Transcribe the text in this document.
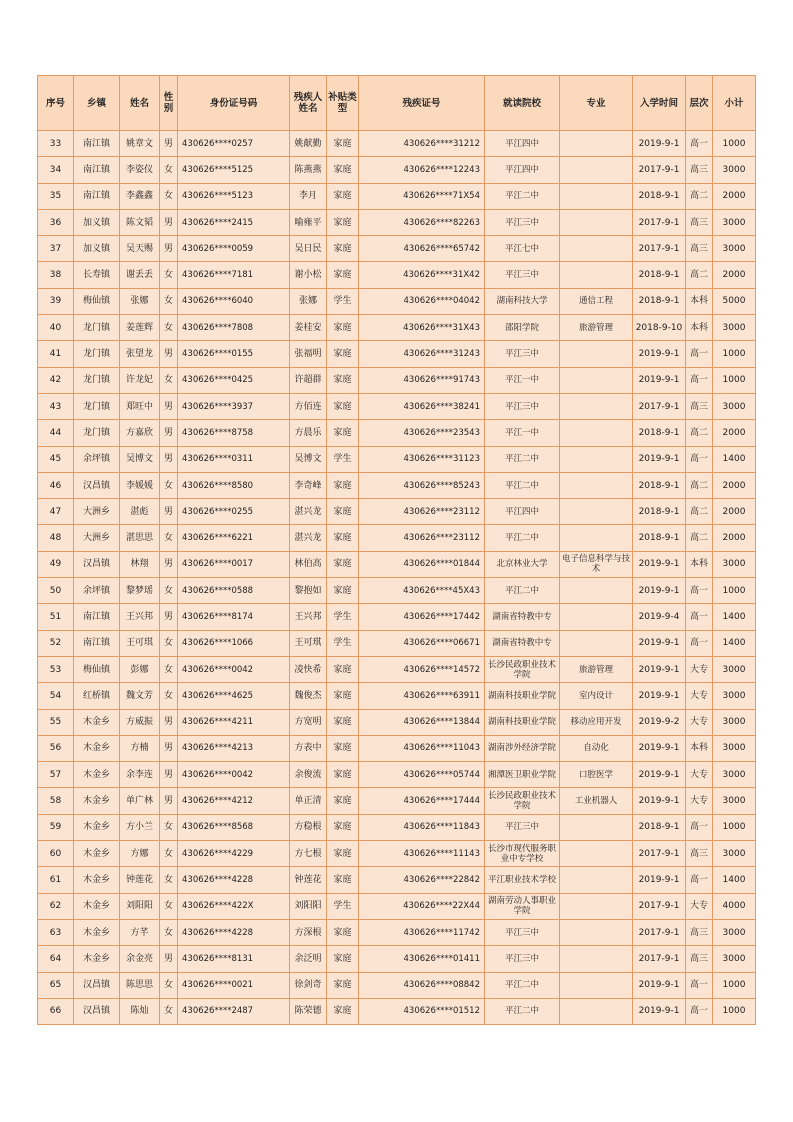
序号	乡镇	姓名	性别	身份证号码	残疾人姓名	补贴类型	残疾证号	就读院校	专业	入学时间	层次	小计
33	南江镇	姚章文	男	430626****0257	姚献勤	家庭	430626****31212	平江四中		2019-9-1	高一	1000
34	南江镇	李姿仪	女	430626****5125	陈燕燕	家庭	430626****12243	平江四中		2017-9-1	高三	3000
35	南江镇	李鑫鑫	女	430626****5123	李月	家庭	430626****71X54	平江二中		2018-9-1	高二	2000
36	加义镇	陈文韬	男	430626****2415	喻雍平	家庭	430626****82263	平江三中		2017-9-1	高三	3000
37	加义镇	吴天赐	男	430626****0059	吴日民	家庭	430626****65742	平江七中		2017-9-1	高三	3000
38	长寿镇	谢丢丢	女	430626****7181	谢小松	家庭	430626****31X42	平江三中		2018-9-1	高二	2000
39	梅仙镇	张娜	女	430626****6040	张娜	学生	430626****04042	湖南科技大学	通信工程	2018-9-1	本科	5000
40	龙门镇	姜莲辉	女	430626****7808	姜桂安	家庭	430626****31X43	邵阳学院	旅游管理	2018-9-10	本科	3000
41	龙门镇	张望龙	男	430626****0155	张福明	家庭	430626****31243	平江三中		2019-9-1	高一	1000
42	龙门镇	许龙妃	女	430626****0425	许超群	家庭	430626****91743	平江一中		2019-9-1	高一	1000
43	龙门镇	郑旺中	男	430626****3937	方佰连	家庭	430626****38241	平江三中		2017-9-1	高三	3000
44	龙门镇	方嘉欣	男	430626****8758	方晨乐	家庭	430626****23543	平江一中		2018-9-1	高二	2000
45	余坪镇	吴博文	男	430626****0311	吴博文	学生	430626****31123	平江二中		2019-9-1	高一	1400
46	汉昌镇	李媛媛	女	430626****8580	李奇峰	家庭	430626****85243	平江二中		2018-9-1	高二	2000
47	大洲乡	湛彪	男	430626****0255	湛兴龙	家庭	430626****23112	平江四中		2018-9-1	高二	2000
48	大洲乡	湛思思	女	430626****6221	湛兴龙	家庭	430626****23112	平江二中		2018-9-1	高二	2000
49	汉昌镇	林翔	男	430626****0017	林伯高	家庭	430626****01844	北京林业大学	电子信息科学与技术	2019-9-1	本科	3000
50	余坪镇	黎梦瑶	女	430626****0588	黎抱如	家庭	430626****45X43	平江二中		2019-9-1	高一	1000
51	南江镇	王兴邦	男	430626****8174	王兴邦	学生	430626****17442	湖南省特教中专		2019-9-4	高一	1400
52	南江镇	王可琪	女	430626****1066	王可琪	学生	430626****06671	湖南省特教中专		2019-9-1	高一	1400
53	梅仙镇	彭娜	女	430626****0042	凌快希	家庭	430626****14572	长沙民政职业技术学院	旅游管理	2019-9-1	大专	3000
54	红桥镇	魏文芳	女	430626****4625	魏俊杰	家庭	430626****63911	湖南科技职业学院	室内设计	2019-9-1	大专	3000
55	木金乡	方威振	男	430626****4211	方宽明	家庭	430626****13844	湖南科技职业学院	移动应用开发	2019-9-2	大专	3000
56	木金乡	方楠	男	430626****4213	方表中	家庭	430626****11043	湖南涉外经济学院	自动化	2019-9-1	本科	3000
57	木金乡	余李连	男	430626****0042	余俊流	家庭	430626****05744	湘潭医卫职业学院	口腔医学	2019-9-1	大专	3000
58	木金乡	单广林	男	430626****4212	单正清	家庭	430626****17444	长沙民政职业技术学院	工业机器人	2019-9-1	大专	3000
59	木金乡	方小兰	女	430626****8568	方稳根	家庭	430626****11843	平江三中		2018-9-1	高一	1000
60	木金乡	方娜	女	430626****4229	方七根	家庭	430626****11143	长沙市现代服务职业中专学校		2017-9-1	高三	3000
61	木金乡	钟莲花	女	430626****4228	钟莲花	家庭	430626****22842	平江职业技术学校		2019-9-1	高一	1400
62	木金乡	刘阳阳	女	430626****422X	刘阳阳	学生	430626****22X44	湖南劳动人事职业学院		2017-9-1	大专	4000
63	木金乡	方芊	女	430626****4228	方深根	家庭	430626****11742	平江三中		2017-9-1	高三	3000
64	木金乡	余金亮	男	430626****8131	余泛明	家庭	430626****01411	平江三中		2017-9-1	高三	3000
65	汉昌镇	陈思思	女	430626****0021	徐剑奇	家庭	430626****08842	平江二中		2019-9-1	高一	1000
66	汉昌镇	陈灿	女	430626****2487	陈荣德	家庭	430626****01512	平江二中		2019-9-1	高一	1000
